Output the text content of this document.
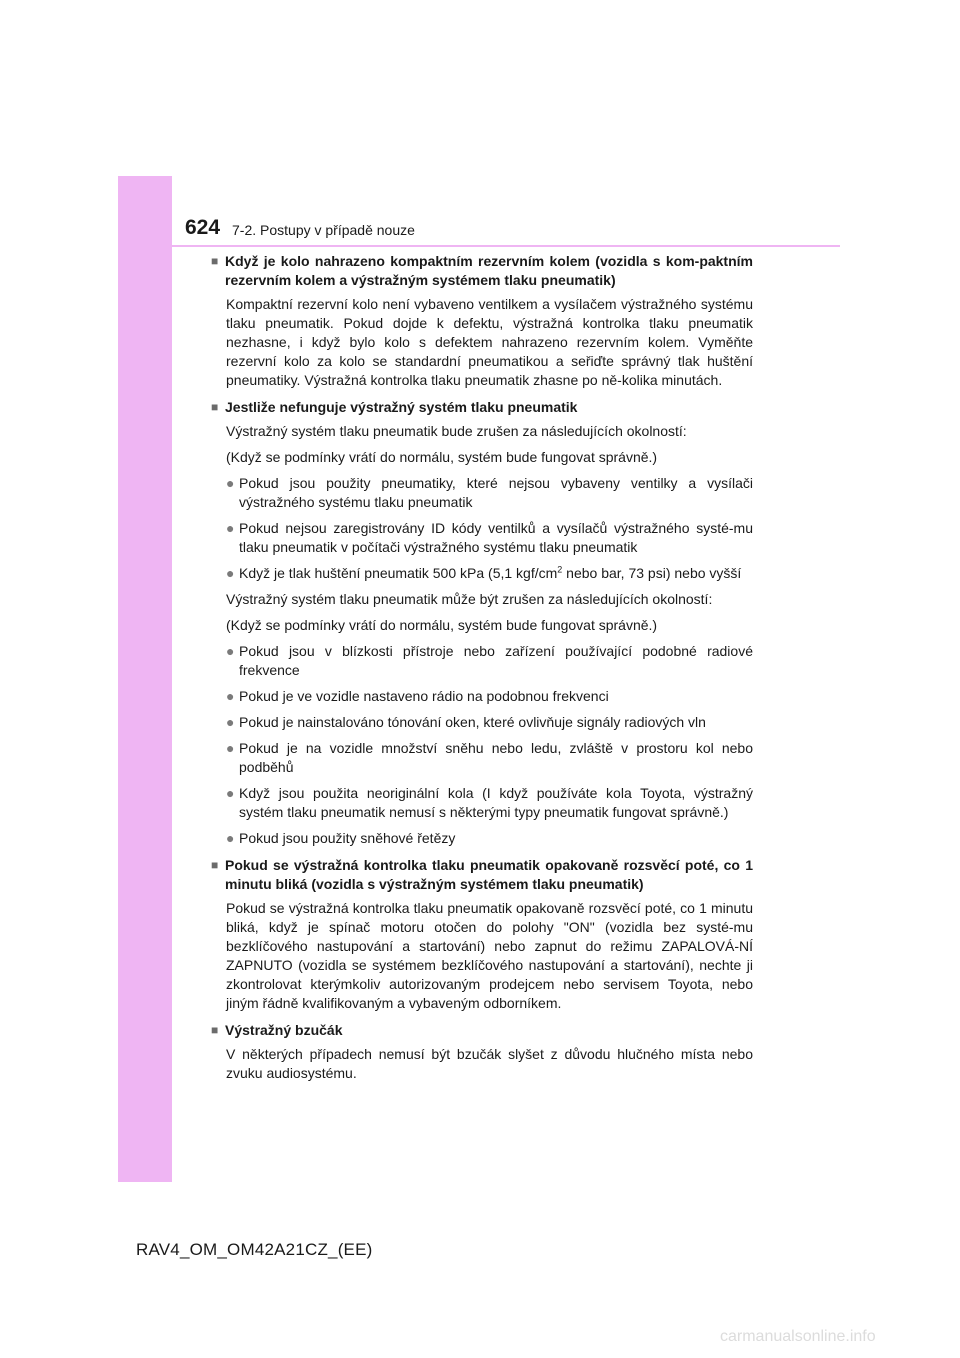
624 7-2. Postupy v případě nouze
■ Když je kolo nahrazeno kompaktním rezervním kolem (vozidla s kom-paktním rezervním kolem a výstražným systémem tlaku pneumatik)

Kompaktní rezervní kolo není vybaveno ventilkem a vysílačem výstražného systému tlaku pneumatik. Pokud dojde k defektu, výstražná kontrolka tlaku pneumatik nezhasne, i když bylo kolo s defektem nahrazeno rezervním kolem. Vyměňte rezervní kolo za kolo se standardní pneumatikou a seřiďte správný tlak huštění pneumatiky. Výstražná kontrolka tlaku pneumatik zhasne po ně-kolika minutách.

■ Jestliže nefunguje výstražný systém tlaku pneumatik

Výstražný systém tlaku pneumatik bude zrušen za následujících okolností:

(Když se podmínky vrátí do normálu, systém bude fungovat správně.)

● Pokud jsou použity pneumatiky, které nejsou vybaveny ventilky a vysílači výstražného systému tlaku pneumatik
● Pokud nejsou zaregistrovány ID kódy ventilků a vysílačů výstražného systé-mu tlaku pneumatik v počítači výstražného systému tlaku pneumatik
● Když je tlak huštění pneumatik 500 kPa (5,1 kgf/$cm^2$ nebo bar, 73 psi) nebo vyšší

Výstražný systém tlaku pneumatik může být zrušen za následujících okolností:

(Když se podmínky vrátí do normálu, systém bude fungovat správně.)

● Pokud jsou v blízkosti přístroje nebo zařízení používající podobné radiové frekvence
● Pokud je ve vozidle nastaveno rádio na podobnou frekvenci
● Pokud je nainstalováno tónování oken, které ovlivňuje signály radiových vln
● Pokud je na vozidle množství sněhu nebo ledu, zvláště v prostoru kol nebo podběhů
● Když jsou použita neoriginální kola (I když používáte kola Toyota, výstražný systém tlaku pneumatik nemusí s některými typy pneumatik fungovat správně.)
● Pokud jsou použity sněhové řetězy
■ Pokud se výstražná kontrolka tlaku pneumatik opakovaně rozsvěcí poté, co 1 minutu bliká (vozidla s výstražným systémem tlaku pneumatik)

Pokud se výstražná kontrolka tlaku pneumatik opakovaně rozsvěcí poté, co 1 minutu bliká, když je spínač motoru otočen do polohy "ON" (vozidla bez systé-mu bezklíčového nastupování a startování) nebo zapnut do režimu ZAPALOVÁ-NÍ ZAPNUTO (vozidla se systémem bezklíčového nastupování a startování), nechte ji zkontrolovat kterýmkoliv autorizovaným prodejcem nebo servisem Toyota, nebo jiným řádně kvalifikovaným a vybaveným odborníkem.

■ Výstražný bzučák

V některých případech nemusí být bzučák slyšet z důvodu hlučného místa nebo zvuku audiosystému.

RAV4_OM_OM42A21CZ_(EE)
carmanualsonline.info
